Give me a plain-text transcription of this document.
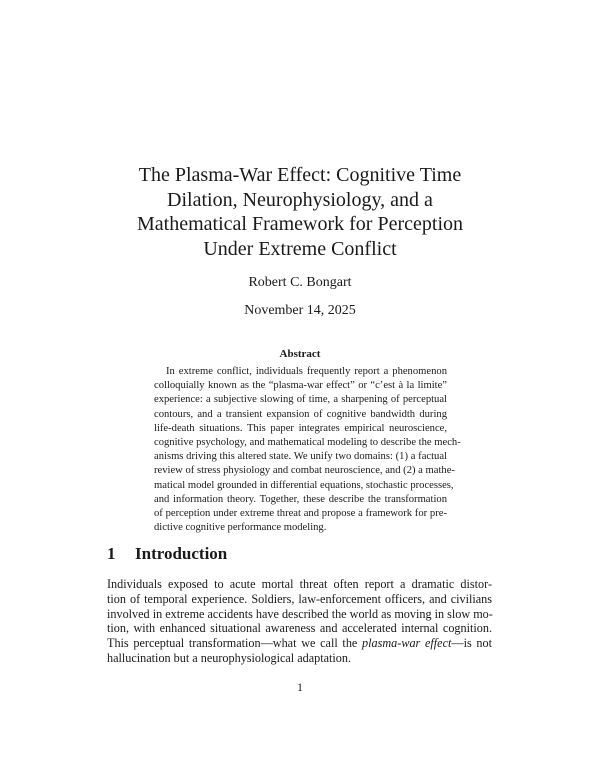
The Plasma-War Effect: Cognitive Time
Dilation, Neurophysiology, and a
Mathematical Framework for Perception
Under Extreme Conflict
Robert C. Bongart
November 14, 2025
Abstract
In extreme conflict, individuals frequently report a phenomenon
colloquially known as the “plasma-war effect” or “c’est à la limite”
experience: a subjective slowing of time, a sharpening of perceptual
contours, and a transient expansion of cognitive bandwidth during
life-death situations. This paper integrates empirical neuroscience,
cognitive psychology, and mathematical modeling to describe the mech-
anisms driving this altered state. We unify two domains: (1) a factual
review of stress physiology and combat neuroscience, and (2) a mathe-
matical model grounded in differential equations, stochastic processes,
and information theory. Together, these describe the transformation
of perception under extreme threat and propose a framework for pre-
dictive cognitive performance modeling.
1 Introduction
Individuals exposed to acute mortal threat often report a dramatic distor-
tion of temporal experience. Soldiers, law-enforcement officers, and civilians
involved in extreme accidents have described the world as moving in slow mo-
tion, with enhanced situational awareness and accelerated internal cognition.
This perceptual transformation—what we call the plasma-war effect—is not
hallucination but a neurophysiological adaptation.
1
